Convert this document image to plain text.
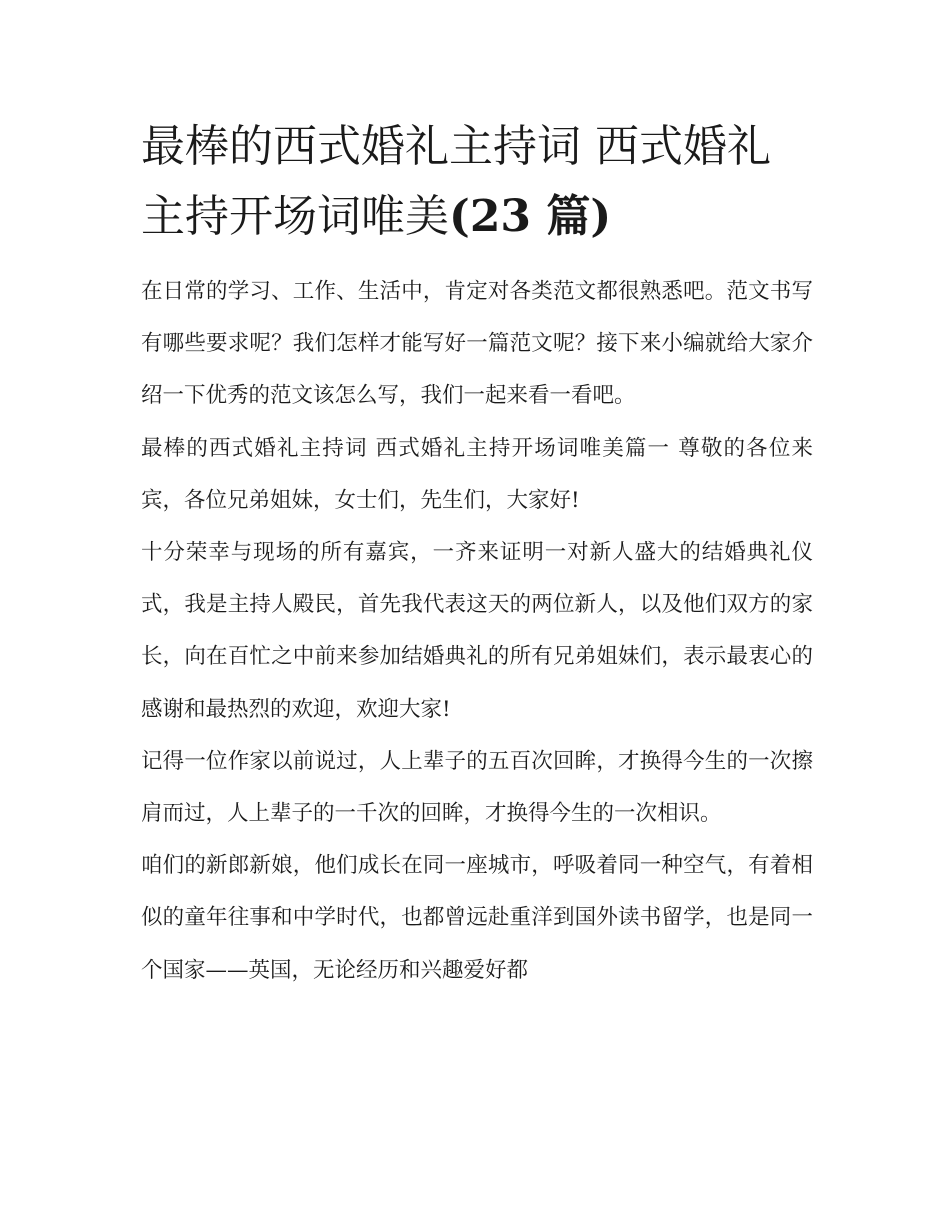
最棒的西式婚礼主持词 西式婚礼主持开场词唯美(23 篇)

在日常的学习、工作、生活中，肯定对各类范文都很熟悉吧。范文书写有哪些要求呢？我们怎样才能写好一篇范文呢？接下来小编就给大家介绍一下优秀的范文该怎么写，我们一起来看一看吧。

最棒的西式婚礼主持词 西式婚礼主持开场词唯美篇一 尊敬的各位来宾，各位兄弟姐妹，女士们，先生们，大家好!

十分荣幸与现场的所有嘉宾，一齐来证明一对新人盛大的结婚典礼仪式，我是主持人殿民，首先我代表这天的两位新人，以及他们双方的家长，向在百忙之中前来参加结婚典礼的所有兄弟姐妹们，表示最衷心的感谢和最热烈的欢迎，欢迎大家!

记得一位作家以前说过，人上辈子的五百次回眸，才换得今生的一次擦肩而过，人上辈子的一千次的回眸，才换得今生的一次相识。

咱们的新郎新娘，他们成长在同一座城市，呼吸着同一种空气，有着相似的童年往事和中学时代，也都曾远赴重洋到国外读书留学，也是同一个国家——英国，无论经历和兴趣爱好都
